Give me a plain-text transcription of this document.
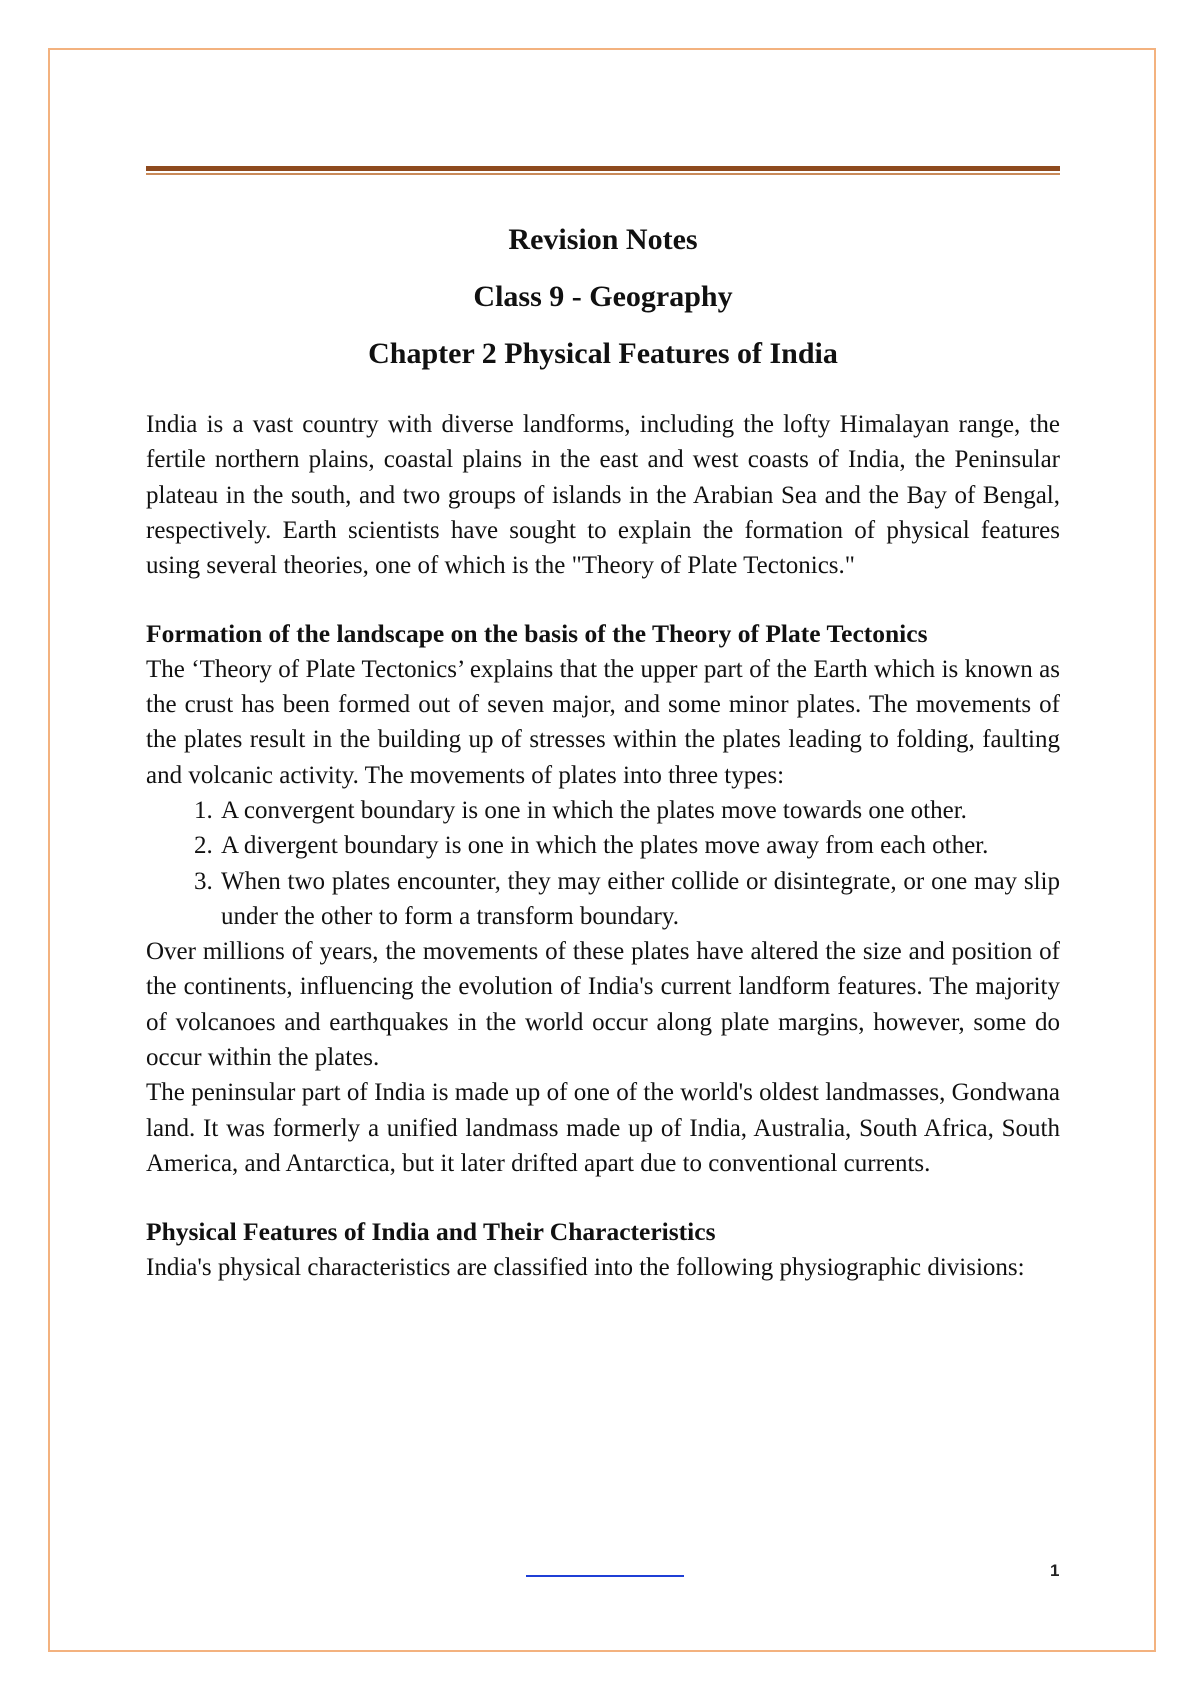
Revision Notes
Class 9 - Geography
Chapter 2 Physical Features of India

India is a vast country with diverse landforms, including the lofty Himalayan range, the fertile northern plains, coastal plains in the east and west coasts of India, the Peninsular plateau in the south, and two groups of islands in the Arabian Sea and the Bay of Bengal, respectively. Earth scientists have sought to explain the formation of physical features using several theories, one of which is the "Theory of Plate Tectonics."

Formation of the landscape on the basis of the Theory of Plate Tectonics

The ‘Theory of Plate Tectonics’ explains that the upper part of the Earth which is known as the crust has been formed out of seven major, and some minor plates. The movements of the plates result in the building up of stresses within the plates leading to folding, faulting and volcanic activity. The movements of plates into three types:

1. A convergent boundary is one in which the plates move towards one other.
2. A divergent boundary is one in which the plates move away from each other.
3. When two plates encounter, they may either collide or disintegrate, or one may slip under the other to form a transform boundary.

Over millions of years, the movements of these plates have altered the size and position of the continents, influencing the evolution of India's current landform features. The majority of volcanoes and earthquakes in the world occur along plate margins, however, some do occur within the plates.

The peninsular part of India is made up of one of the world's oldest landmasses, Gondwana land. It was formerly a unified landmass made up of India, Australia, South Africa, South America, and Antarctica, but it later drifted apart due to conventional currents.

Physical Features of India and Their Characteristics

India's physical characteristics are classified into the following physiographic divisions:

1
